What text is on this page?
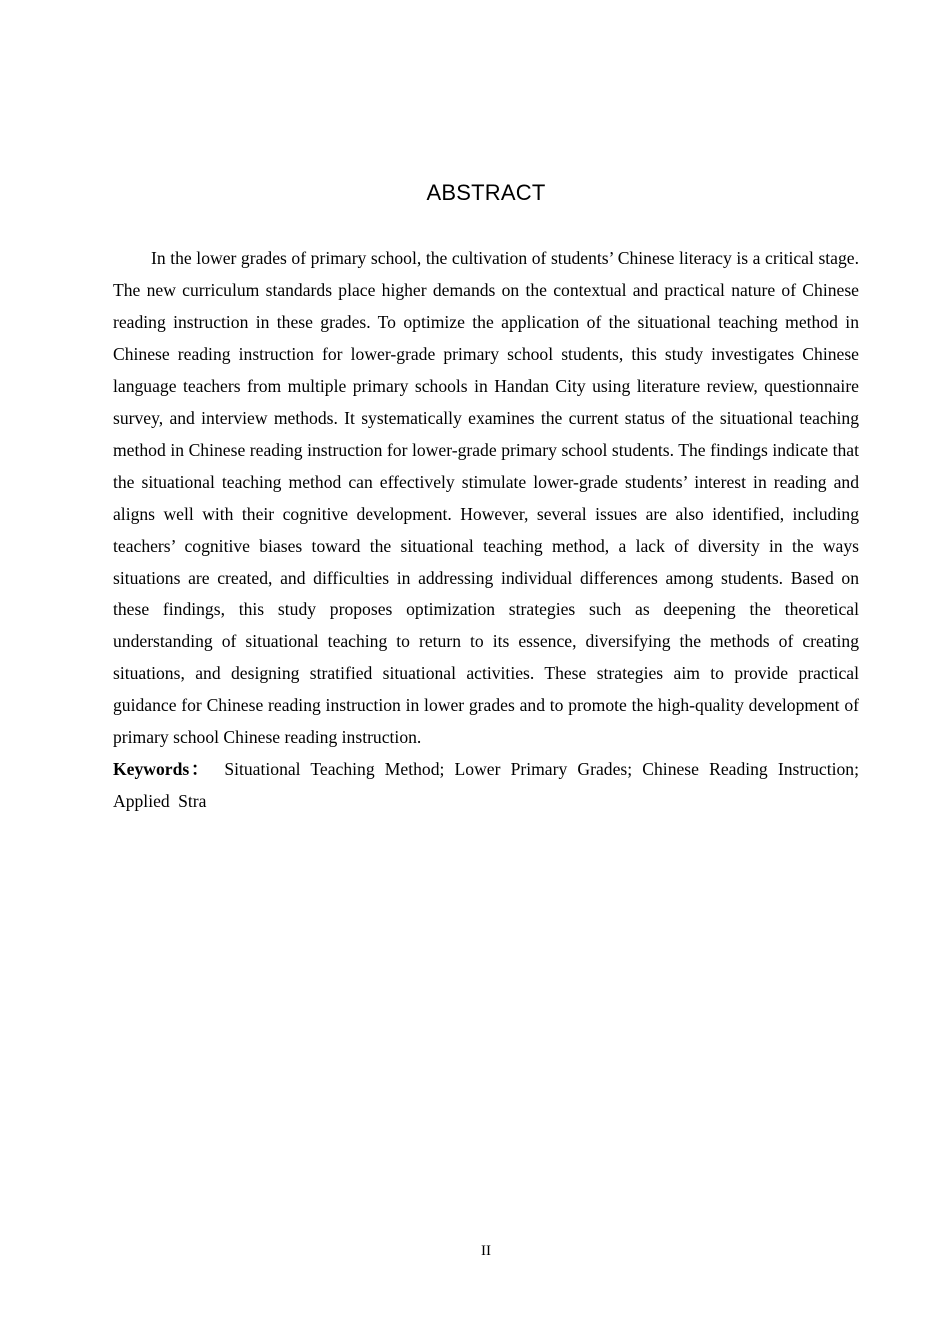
ABSTRACT

In the lower grades of primary school, the cultivation of students’ Chinese literacy is a critical stage. The new curriculum standards place higher demands on the contextual and practical nature of Chinese reading instruction in these grades. To optimize the application of the situational teaching method in Chinese reading instruction for lower-grade primary school students, this study investigates Chinese language teachers from multiple primary schools in Handan City using literature review, questionnaire survey, and interview methods. It systematically examines the current status of the situational teaching method in Chinese reading instruction for lower-grade primary school students. The findings indicate that the situational teaching method can effectively stimulate lower-grade students’ interest in reading and aligns well with their cognitive development. However, several issues are also identified, including teachers’ cognitive biases toward the situational teaching method, a lack of diversity in the ways situations are created, and difficulties in addressing individual differences among students. Based on these findings, this study proposes optimization strategies such as deepening the theoretical understanding of situational teaching to return to its essence, diversifying the methods of creating situations, and designing stratified situational activities. These strategies aim to provide practical guidance for Chinese reading instruction in lower grades and to promote the high-quality development of primary school Chinese reading instruction.

Keywords： Situational Teaching Method; Lower Primary Grades; Chinese Reading Instruction; Applied Stra

II
